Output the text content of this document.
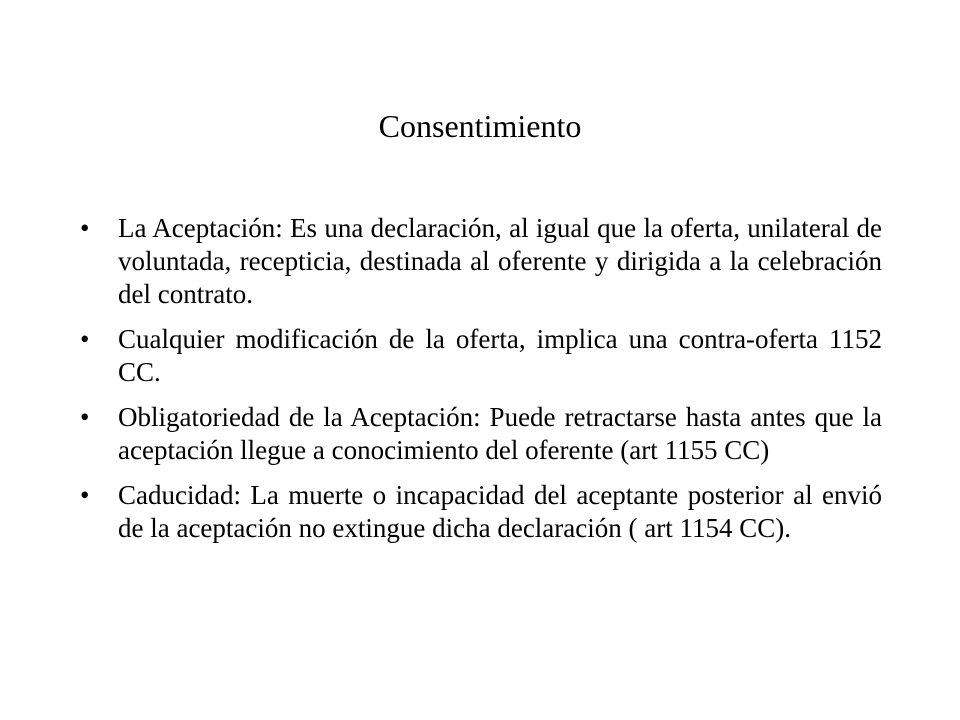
Consentimiento
•	La Aceptación: Es una declaración, al igual que la oferta, unilateral de voluntada, recepticia, destinada al oferente y dirigida a la celebración del contrato.
•	Cualquier modificación de la oferta, implica una contra-oferta 1152 CC.
•	Obligatoriedad de la Aceptación: Puede retractarse hasta antes que la aceptación llegue a conocimiento del oferente (art 1155 CC)
•	Caducidad: La muerte o incapacidad del aceptante posterior al envió de la aceptación no extingue dicha declaración ( art 1154 CC).
